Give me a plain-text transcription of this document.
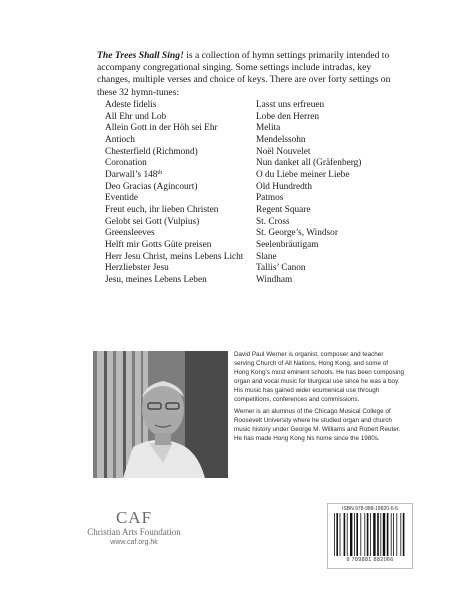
The Trees Shall Sing! is a collection of hymn settings primarily intended to accompany congregational singing. Some settings include intradas, key changes, multiple verses and choice of keys. There are over forty settings on these 32 hymn-tunes:

Adeste fidelis
All Ehr und Lob
Allein Gott in der Höh sei Ehr
Antioch
Chesterfield (Richmond)
Coronation
Darwall’s 148th
Deo Gracias (Agincourt)
Eventide
Freut euch, ihr lieben Christen
Gelobt sei Gott (Vulpius)
Greensleeves
Helft mir Gotts Güte preisen
Herr Jesu Christ, meins Lebens Licht
Herzliebster Jesu
Jesu, meines Lebens Leben
Lasst uns erfreuen
Lobe den Herren
Melita
Mendelssohn
Noël Nouvelet
Nun danket all (Gräfenberg)
O du Liebe meiner Liebe
Old Hundredth
Patmos
Regent Square
St. Cross
St. George’s, Windsor
Seelenbräutigam
Slane
Tallis’ Canon
Windham

David Paul Werner is organist, composer and teacher serving Church of All Nations, Hong Kong, and some of Hong Kong’s most eminent schools. He has been composing organ and vocal music for liturgical use since he was a boy. His music has gained wider ecumenical use through competitions, conferences and commissions.

Werner is an alumnus of the Chicago Musical College of Roosevelt University where he studied organ and church music history under George M. Williams and Robert Reuter. He has made Hong Kong his home since the 1980s.

CAF
Christian Arts Foundation
www.caf.org.hk
ISBN 978-988-18820-6-6
9 789881 882066
